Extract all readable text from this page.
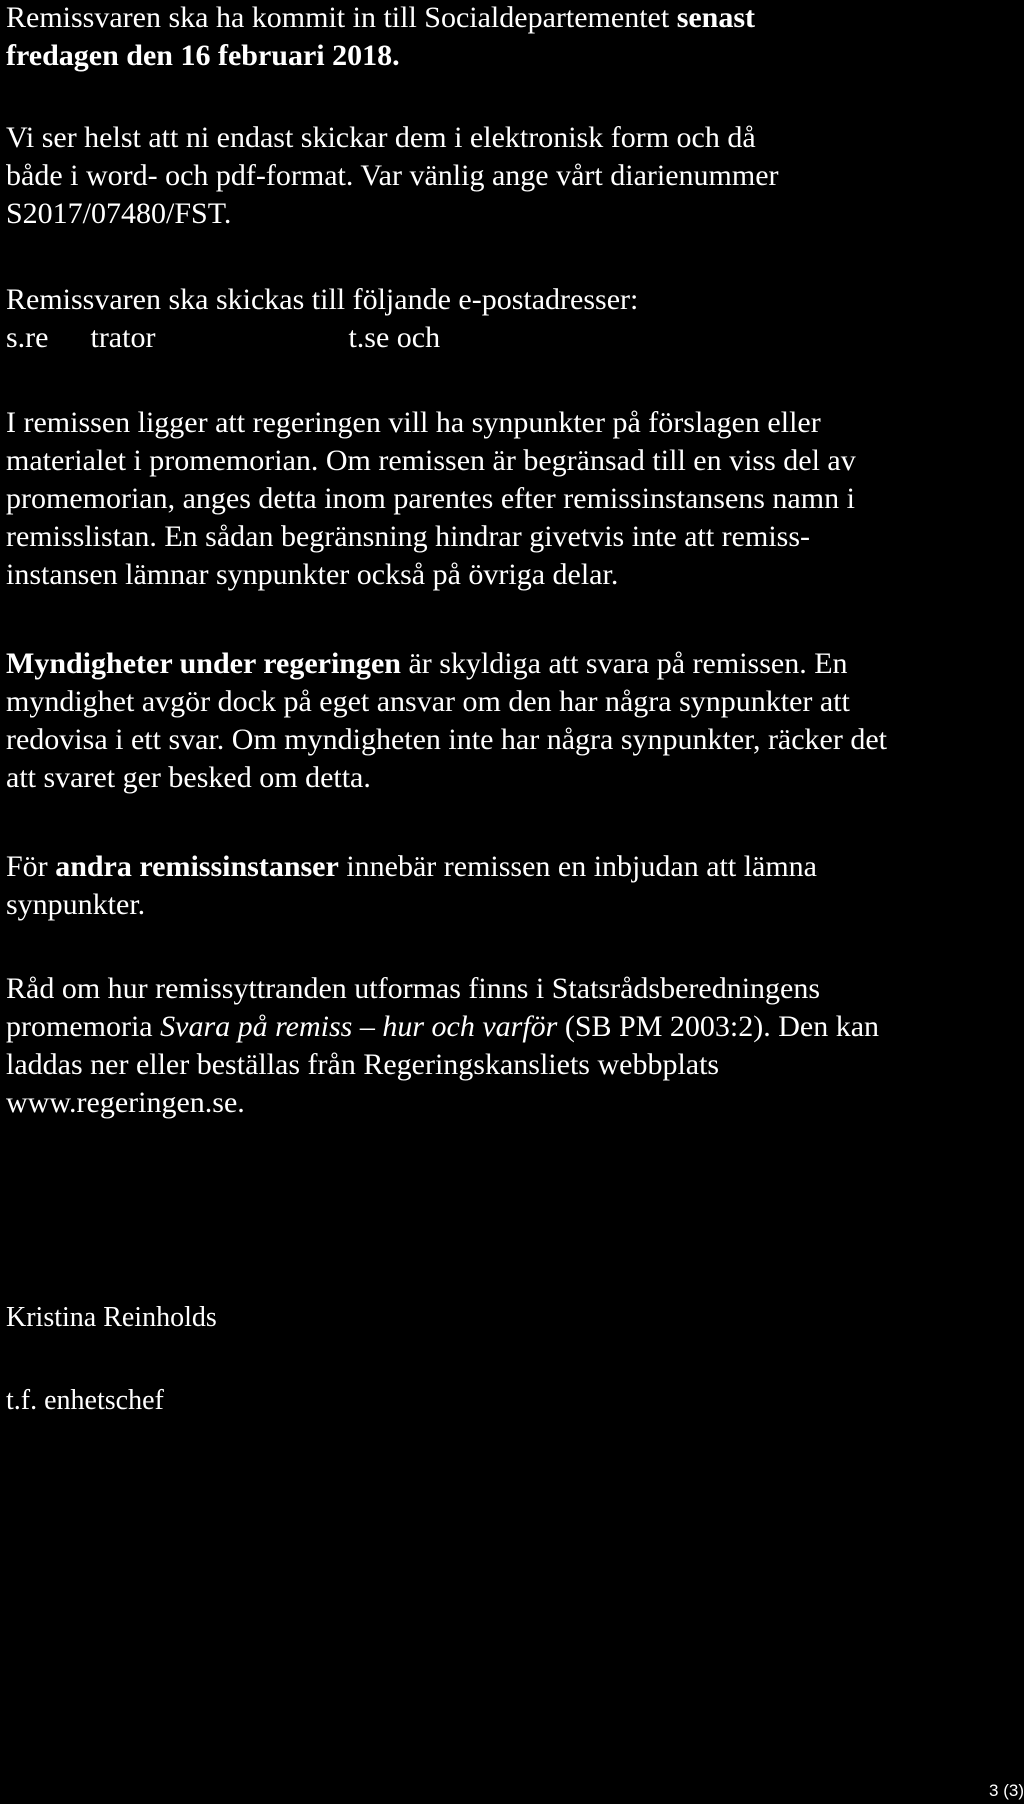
Remissvaren ska ha kommit in till Socialdepartementet senast
fredagen den 16 februari 2018.

Vi ser helst att ni endast skickar dem i elektronisk form och då
både i word- och pdf-format. Var vänlig ange vårt diarienummer
S2017/07480/FST.

Remissvaren ska skickas till följande e-postadresser:
s.re trator	t.se och

I remissen ligger att regeringen vill ha synpunkter på förslagen eller
materialet i promemorian. Om remissen är begränsad till en viss del av
promemorian, anges detta inom parentes efter remissinstansens namn i
remisslistan. En sådan begränsning hindrar givetvis inte att remiss-
instansen lämnar synpunkter också på övriga delar.

Myndigheter under regeringen är skyldiga att svara på remissen. En
myndighet avgör dock på eget ansvar om den har några synpunkter att
redovisa i ett svar. Om myndigheten inte har några synpunkter, räcker det
att svaret ger besked om detta.

För andra remissinstanser innebär remissen en inbjudan att lämna
synpunkter.

Råd om hur remissyttranden utformas finns i Statsrådsberedningens
promemoria Svara på remiss – hur och varför (SB PM 2003:2). Den kan
laddas ner eller beställas från Regeringskansliets webbplats
www.regeringen.se.

Kristina Reinholds

t.f. enhetschef

3 (3)
